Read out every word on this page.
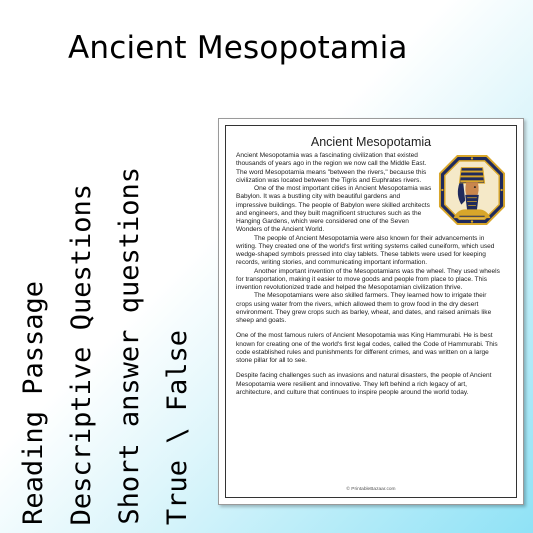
Ancient Mesopotamia
Reading Passage Descriptive Questions Short answer questions True \ False
Ancient Mesopotamia

Ancient Mesopotamia was a fascinating civilization that existed thousands of years ago in the region we now call the Middle East. The word Mesopotamia means "between the rivers," because this civilization was located between the Tigris and Euphrates rivers.

One of the most important cities in Ancient Mesopotamia was Babylon. It was a bustling city with beautiful gardens and impressive buildings. The people of Babylon were skilled architects and engineers, and they built magnificent structures such as the Hanging Gardens, which were considered one of the Seven Wonders of the Ancient World.

The people of Ancient Mesopotamia were also known for their advancements in writing. They created one of the world's first writing systems called cuneiform, which used wedge-shaped symbols pressed into clay tablets. These tablets were used for keeping records, writing stories, and communicating important information.

Another important invention of the Mesopotamians was the wheel. They used wheels for transportation, making it easier to move goods and people from place to place. This invention revolutionized trade and helped the Mesopotamian civilization thrive.

The Mesopotamians were also skilled farmers. They learned how to irrigate their crops using water from the rivers, which allowed them to grow food in the dry desert environment. They grew crops such as barley, wheat, and dates, and raised animals like sheep and goats.

One of the most famous rulers of Ancient Mesopotamia was King Hammurabi. He is best known for creating one of the world's first legal codes, called the Code of Hammurabi. This code established rules and punishments for different crimes, and was written on a large stone pillar for all to see.

Despite facing challenges such as invasions and natural disasters, the people of Ancient Mesopotamia were resilient and innovative. They left behind a rich legacy of art, architecture, and culture that continues to inspire people around the world today.

© PrintableBazaar.com
